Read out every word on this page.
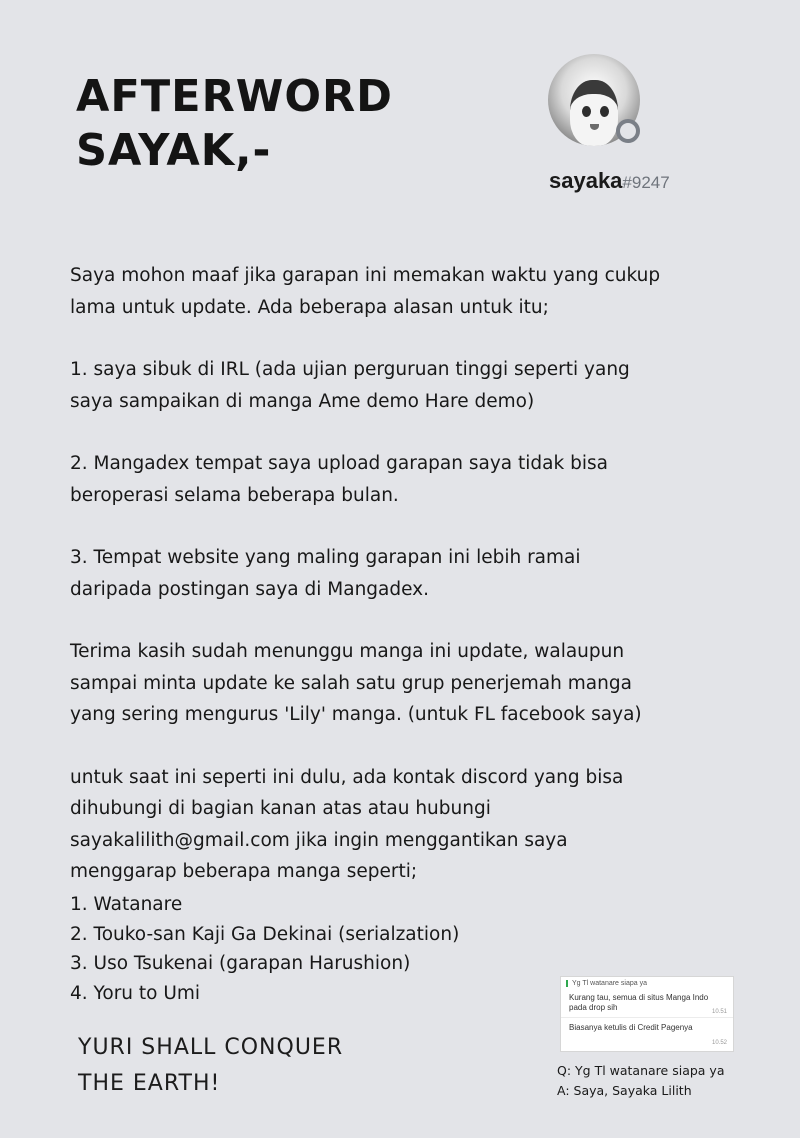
AFTERWORD
SAYAK,-
sayaka#9247

Saya mohon maaf jika garapan ini memakan waktu yang cukup
lama untuk update. Ada beberapa alasan untuk itu;

1. saya sibuk di IRL (ada ujian perguruan tinggi seperti yang
saya sampaikan di manga Ame demo Hare demo)

2. Mangadex tempat saya upload garapan saya tidak bisa
beroperasi selama beberapa bulan.

3. Tempat website yang maling garapan ini lebih ramai
daripada postingan saya di Mangadex.

Terima kasih sudah menunggu manga ini update, walaupun
sampai minta update ke salah satu grup penerjemah manga
yang sering mengurus 'Lily' manga. (untuk FL facebook saya)

untuk saat ini seperti ini dulu, ada kontak discord yang bisa
dihubungi di bagian kanan atas atau hubungi
sayakalilith@gmail.com jika ingin menggantikan saya
menggarap beberapa manga seperti;

1. Watanare
2. Touko-san Kaji Ga Dekinai (serialzation)
3. Uso Tsukenai (garapan Harushion)
4. Yoru to Umi
YURI SHALL CONQUER
THE EARTH!
Yg Tl watanare siapa ya
Kurang tau, semua di situs Manga Indo pada drop sih	10.51
Biasanya ketulis di Credit Pagenya
10.52
Q: Yg Tl watanare siapa ya
A: Saya, Sayaka Lilith
